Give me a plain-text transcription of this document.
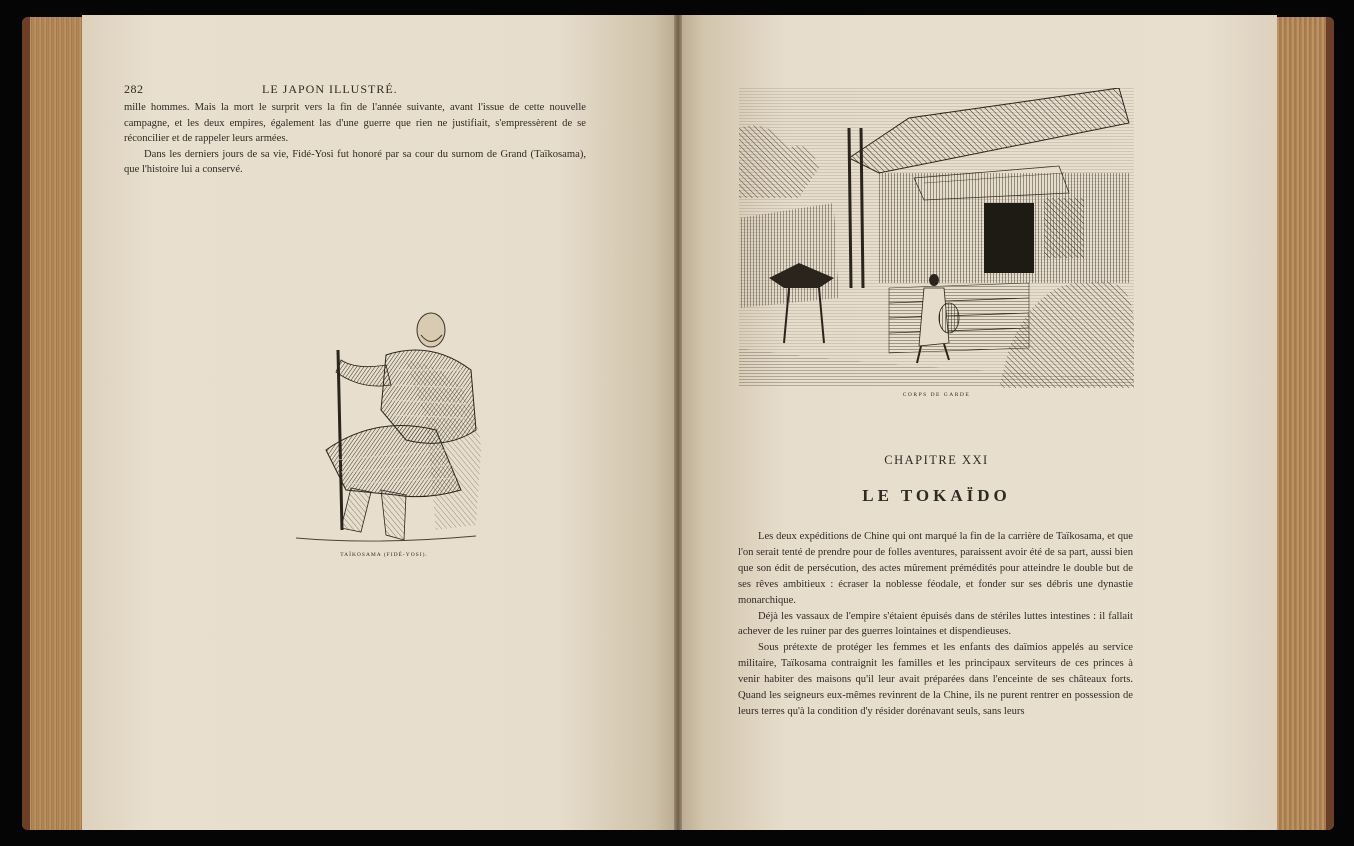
282	LE JAPON ILLUSTRÉ.

mille hommes. Mais la mort le surprit vers la fin de l'année suivante, avant l'issue de cette nouvelle campagne, et les deux empires, également las d'une guerre que rien ne justifiait, s'empressèrent de se réconcilier et de rappeler leurs armées.

Dans les derniers jours de sa vie, Fidé-Yosi fut honoré par sa cour du surnom de Grand (Taïkosama), que l'histoire lui a conservé.

TAÏKOSAMA (FIDÉ-YOSI).
CORPS DE GARDE
CHAPITRE XXI
LE TOKAÏDO

Les deux expéditions de Chine qui ont marqué la fin de la carrière de Taïkosama, et que l'on serait tenté de prendre pour de folles aventures, paraissent avoir été de sa part, aussi bien que son édit de persécution, des actes mûrement prémédités pour atteindre le double but de ses rêves ambitieux : écraser la noblesse féodale, et fonder sur ses débris une dynastie monarchique.

Déjà les vassaux de l'empire s'étaient épuisés dans de stériles luttes intestines : il fallait achever de les ruiner par des guerres lointaines et dispendieuses.

Sous prétexte de protéger les femmes et les enfants des daïmios appelés au service militaire, Taïkosama contraignit les familles et les principaux serviteurs de ces princes à venir habiter des maisons qu'il leur avait préparées dans l'enceinte de ses châteaux forts. Quand les seigneurs eux-mêmes revinrent de la Chine, ils ne purent rentrer en possession de leurs terres qu'à la condition d'y résider dorénavant seuls, sans leurs
